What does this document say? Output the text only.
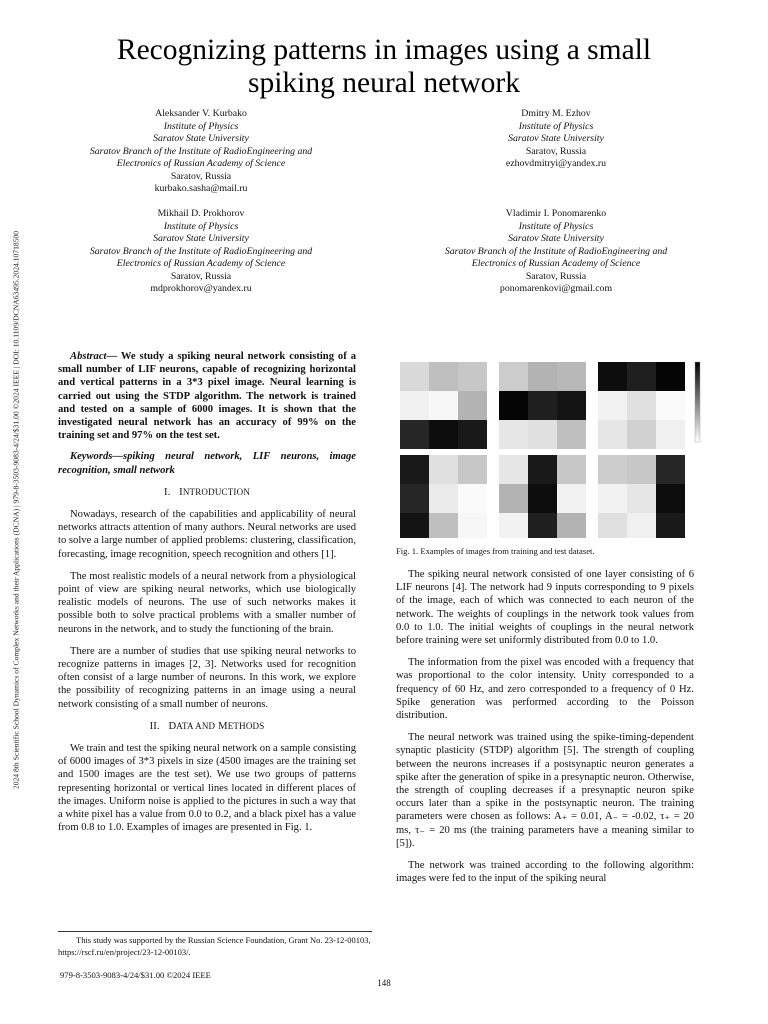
2024 8th Scientific School Dynamics of Complex Networks and their Applications (DCNA) | 979-8-3503-9083-4/24/$31.00 ©2024 IEEE | DOI: 10.1109/DCNA63495.2024.10718500
Recognizing patterns in images using a small
spiking neural network
Aleksander V. Kurbako
Institute of Physics
Saratov State University
Saratov Branch of the Institute of RadioEngineering and
Electronics of Russian Academy of Science
Saratov, Russia
kurbako.sasha@mail.ru
Dmitry M. Ezhov
Institute of Physics
Saratov State University
Saratov, Russia
ezhovdmitryi@yandex.ru
Mikhail D. Prokhorov
Institute of Physics
Saratov State University
Saratov Branch of the Institute of RadioEngineering and
Electronics of Russian Academy of Science
Saratov, Russia
mdprokhorov@yandex.ru
Vladimir I. Ponomarenko
Institute of Physics
Saratov State University
Saratov Branch of the Institute of RadioEngineering and
Electronics of Russian Academy of Science
Saratov, Russia
ponomarenkovi@gmail.com

Abstract— We study a spiking neural network consisting of a small number of LIF neurons, capable of recognizing horizontal and vertical patterns in a 3*3 pixel image. Neural learning is carried out using the STDP algorithm. The network is trained and tested on a sample of 6000 images. It is shown that the investigated neural network has an accuracy of 99% on the training set and 97% on the test set.

Keywords—spiking neural network, LIF neurons, image recognition, small network

I. INTRODUCTION

Nowadays, research of the capabilities and applicability of neural networks attracts attention of many authors. Neural networks are used to solve a large number of applied problems: clustering, classification, forecasting, image recognition, speech recognition and others [1].

The most realistic models of a neural network from a physiological point of view are spiking neural networks, which use biologically realistic models of neurons. The use of such networks makes it possible both to solve practical problems with a smaller number of neurons in the network, and to study the functioning of the brain.

There are a number of studies that use spiking neural networks to recognize patterns in images [2, 3]. Networks used for recognition often consist of a large number of neurons. In this work, we explore the possibility of recognizing patterns in an image using a neural network consisting of a small number of neurons.

II. DATA AND METHODS

We train and test the spiking neural network on a sample consisting of 6000 images of 3*3 pixels in size (4500 images are the training set and 1500 images are the test set). We use two groups of patterns representing horizontal or vertical lines located in different places of the images. Uniform noise is applied to the pictures in such a way that a white pixel has a value from 0.0 to 0.2, and a black pixel has a value from 0.8 to 1.0. Examples of images are presented in Fig. 1.

Fig. 1. Examples of images from training and test dataset.

The spiking neural network consisted of one layer consisting of 6 LIF neurons [4]. The network had 9 inputs corresponding to 9 pixels of the image, each of which was connected to each neuron of the network. The weights of couplings in the network took values from 0.0 to 1.0. The initial weights of couplings in the neural network before training were set uniformly distributed from 0.0 to 1.0.

The information from the pixel was encoded with a frequency that was proportional to the color intensity. Unity corresponded to a frequency of 60 Hz, and zero corresponded to a frequency of 0 Hz. Spike generation was performed according to the Poisson distribution.

The neural network was trained using the spike-timing-dependent synaptic plasticity (STDP) algorithm [5]. The strength of coupling between the neurons increases if a postsynaptic neuron generates a spike after the generation of spike in a presynaptic neuron. Otherwise, the strength of coupling decreases if a presynaptic neuron spike occurs later than a spike in the postsynaptic neuron. The training parameters were chosen as follows: A₊ = 0.01, A₋ = -0.02, τ₊ = 20 ms, τ₋ = 20 ms (the training parameters have a meaning similar to [5]).

The network was trained according to the following algorithm: images were fed to the input of the spiking neural

This study was supported by the Russian Science Foundation, Grant No. 23-12-00103, https://rscf.ru/en/project/23-12-00103/.
979-8-3503-9083-4/24/$31.00 ©2024 IEEE
148
